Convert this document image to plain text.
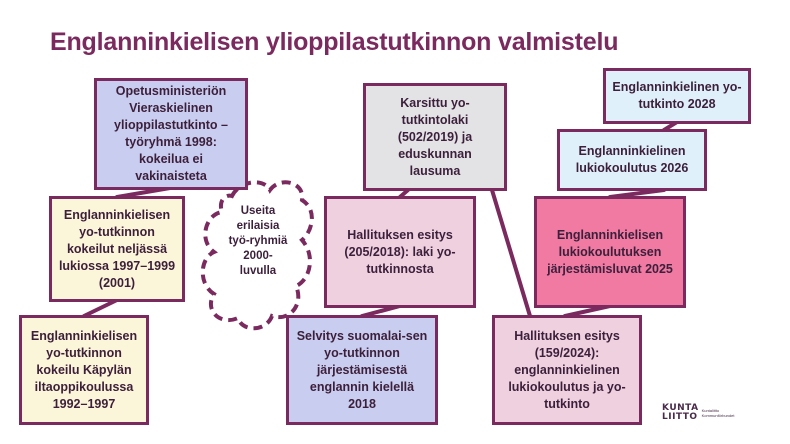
Englanninkielisen ylioppilastutkinnon valmistelu
Opetusministeriön Vieraskielinen ylioppilastutkinto –työryhmä 1998: kokeilua ei vakinaisteta
Englanninkielisen yo-tutkinnon kokeilut neljässä lukiossa 1997–1999 (2001)
Englanninkielisen yo-tutkinnon kokeilu Käpylän iltaoppikoulussa 1992–1997
Useita erilaisia työ-ryhmiä 2000-luvulla
Karsittu yo-tutkintolaki (502/2019) ja eduskunnan lausuma
Hallituksen esitys (205/2018): laki yo-tutkinnosta
Selvitys suomalai-sen yo-tutkinnon järjestämisestä englannin kielellä 2018
Englanninkielinen yo-tutkinto 2028
Englanninkielinen lukiokoulutus 2026
Englanninkielisen lukiokoulutuksen järjestämisluvat 2025
Hallituksen esitys (159/2024): englanninkielinen lukiokoulutus ja yo-tutkinto	KUNTA
LIITTO
Kuntaliitto Kommunförbundet
